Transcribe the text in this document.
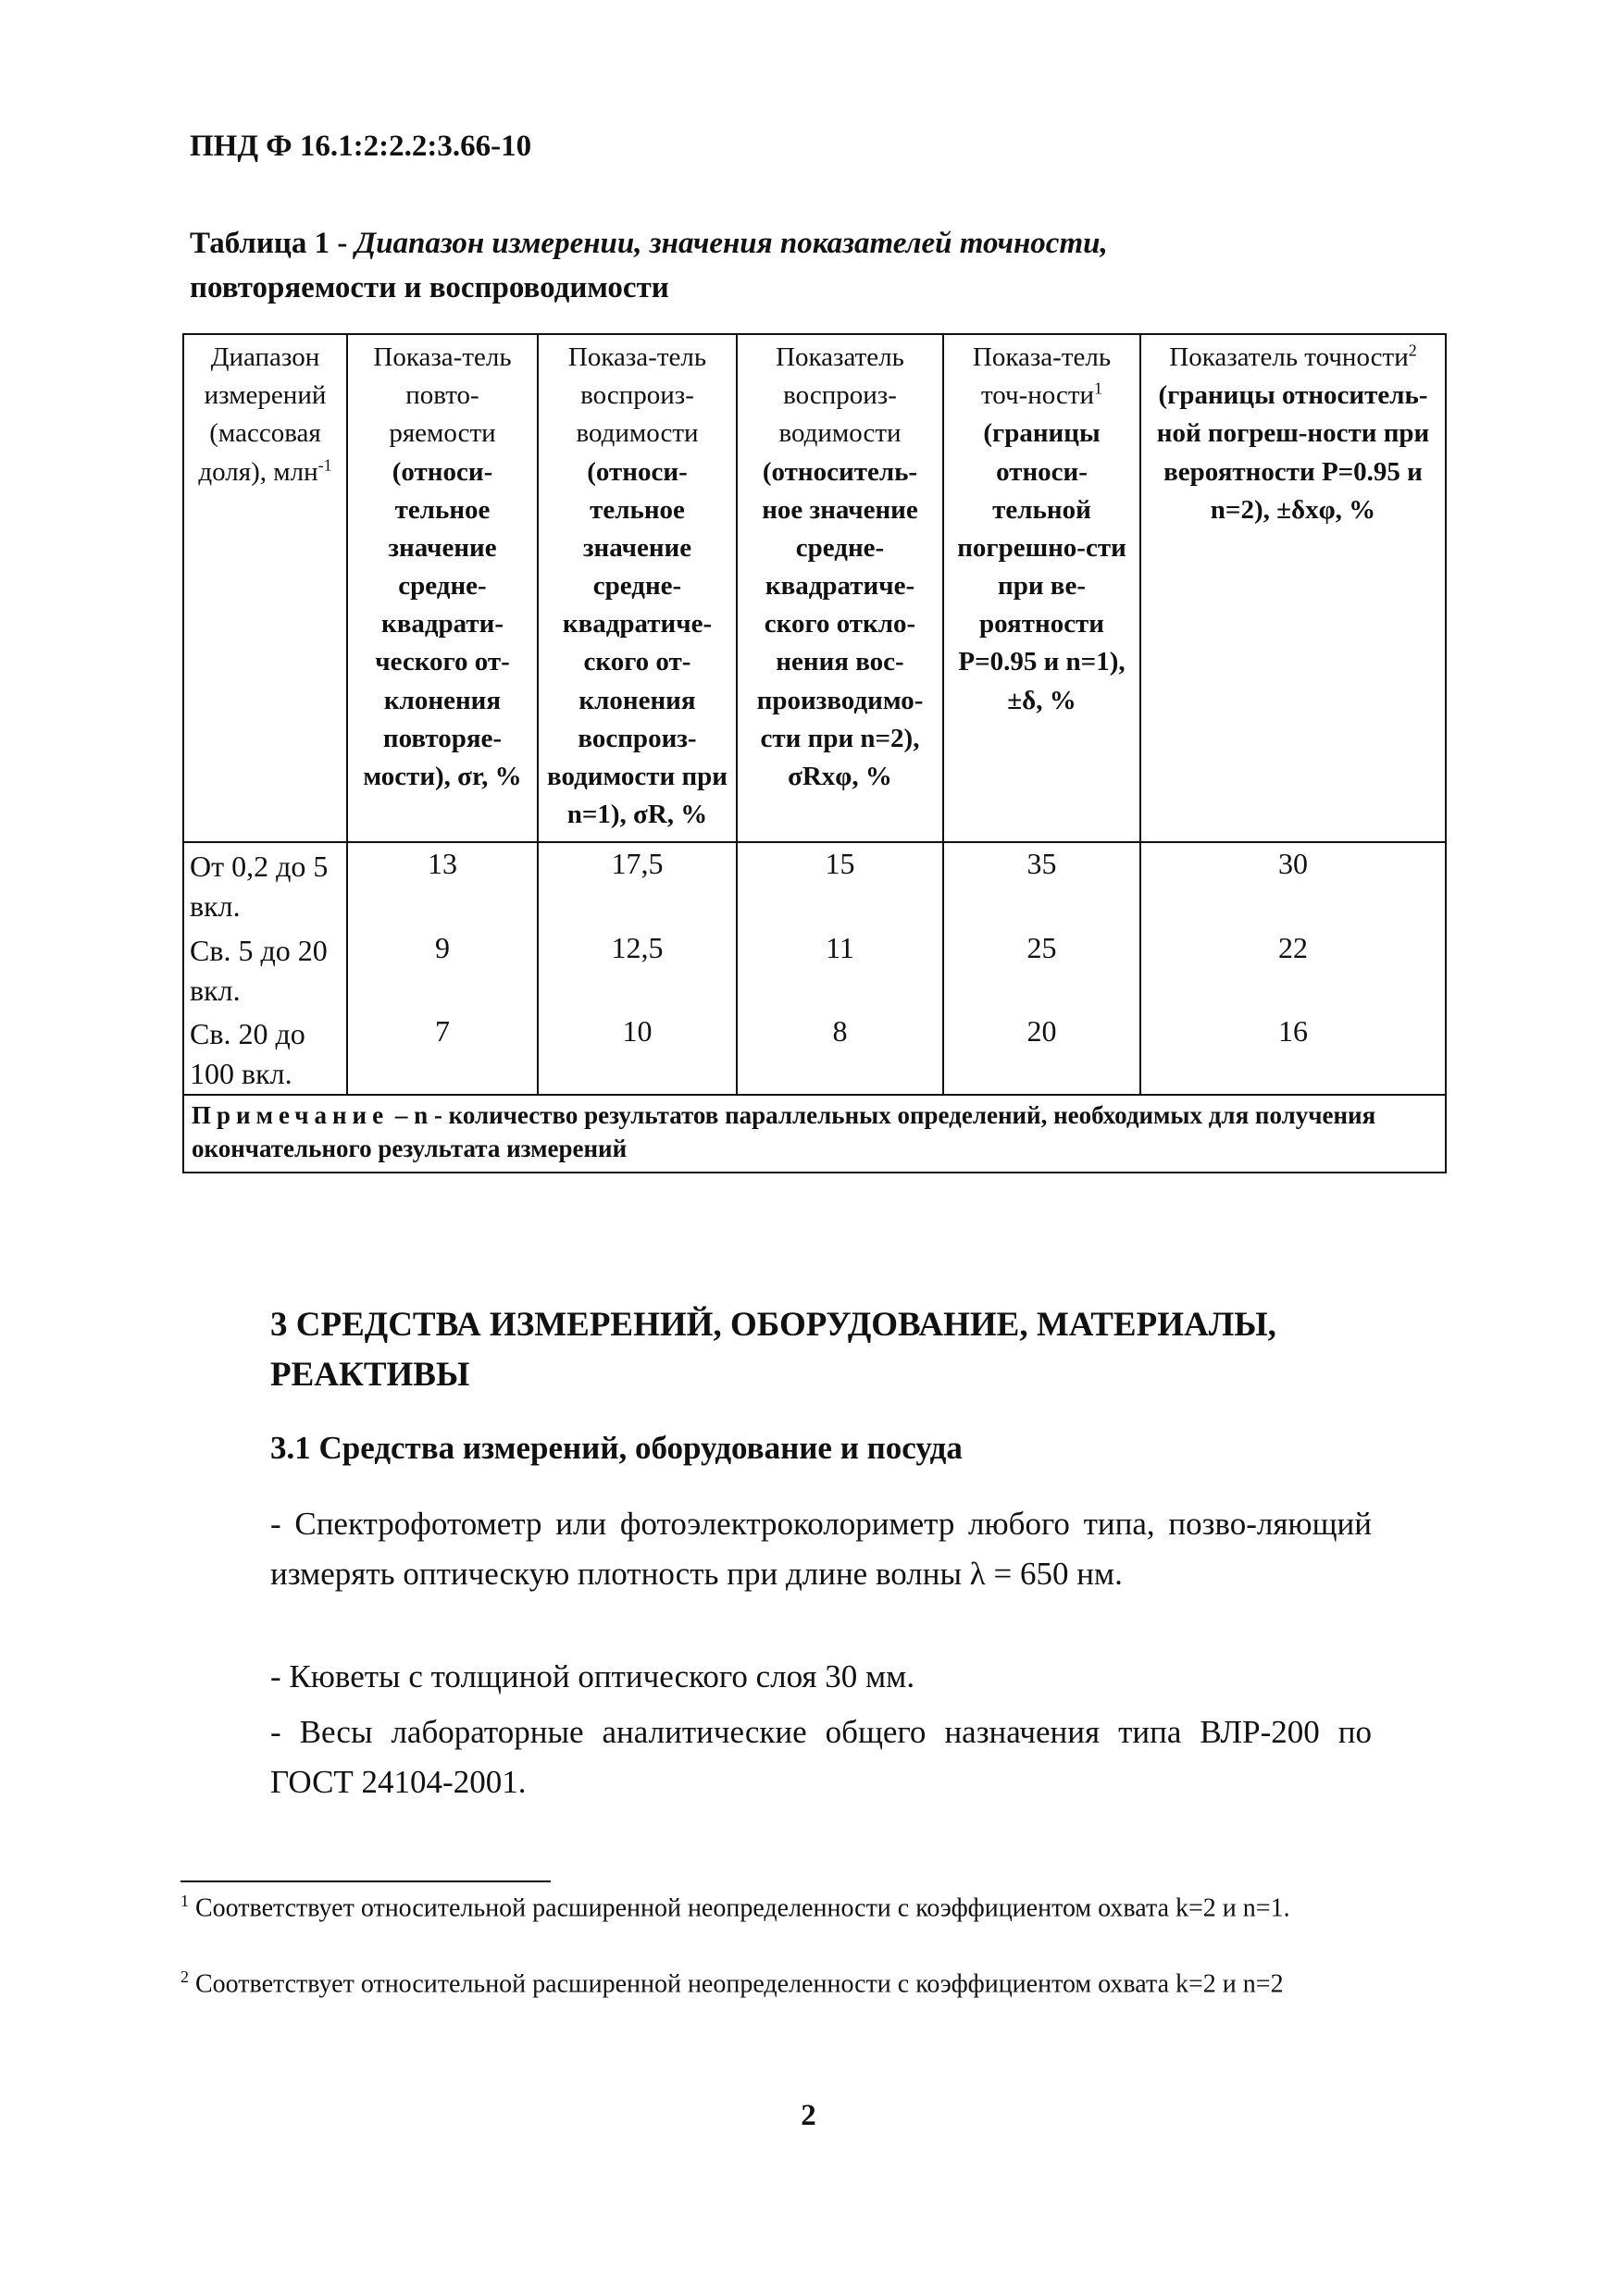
ПНД Ф 16.1:2:2.2:3.66-10
Таблица 1 - Диапазон измерении, значения показателей точности,
повторяемости и воспроводимости
Диапазон измерений (массовая доля), млн$^{-1}$	Показа-тель повто-ряемости (относи-тельное значение средне-квадрати-ческого от-клонения повторяе-мости), σr, %	Показа-тель воспроиз-водимости (относи-тельное значение средне-квадратиче-ского от-клонения воспроиз-водимости при n=1), σR, %	Показатель воспроиз-водимости (относитель-ное значение средне-квадратиче-ского откло-нения вос-производимо-сти при n=2), σRxφ, %	Показа-тель точ-ности$^1$ (границы относи-тельной погрешно-сти при ве-роятности P=0.95 и n=1), ±δ, %	Показатель точности$^2$ (границы относитель-ной погреш-ности при вероятности P=0.95 и n=2), ±δxφ, %
От 0,2 до 5 вкл.	13	17,5	15	35	30
Св. 5 до 20 вкл.	9	12,5	11	25	22
Св. 20 до 100 вкл.	7	10	8	20	16
Примечание – n - количество результатов параллельных определений, необходимых для получения окончательного результата измерений					
3 СРЕДСТВА ИЗМЕРЕНИЙ, ОБОРУДОВАНИЕ, МАТЕРИАЛЫ, РЕАКТИВЫ
3.1 Средства измерений, оборудование и посуда
- Спектрофотометр или фотоэлектроколориметр любого типа, позво-ляющий измерять оптическую плотность при длине волны λ = 650 нм.
- Кюветы с толщиной оптического слоя 30 мм.
- Весы лабораторные аналитические общего назначения типа ВЛР-200 по ГОСТ 24104-2001.
$^1$ Соответствует относительной расширенной неопределенности с коэффициентом охвата k=2 и n=1.
$^2$ Соответствует относительной расширенной неопределенности с коэффициентом охвата k=2 и n=2
2
